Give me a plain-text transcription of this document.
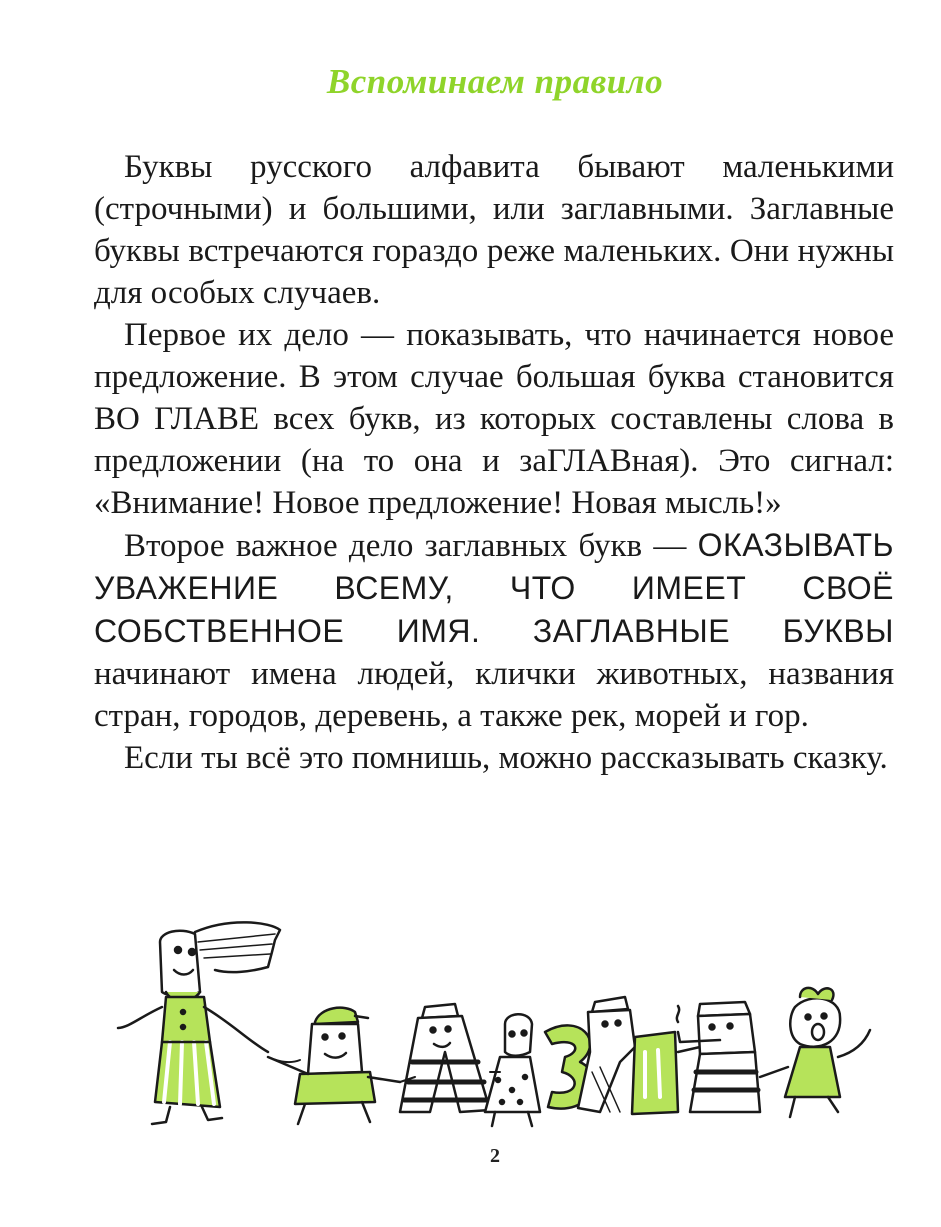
Вспоминаем правило

Буквы русского алфавита бывают маленькими (строчными) и большими, или заглавными. Заглавные буквы встречаются гораздо реже маленьких. Они нужны для особых случаев.

Первое их дело — показывать, что начинается новое предложение. В этом случае большая буква становится ВО ГЛАВЕ всех букв, из которых составлены слова в предложении (на то она и заГЛАВная). Это сигнал: «Внимание! Новое предложение! Новая мысль!»

Второе важное дело заглавных букв — ОКАЗЫВАТЬ УВАЖЕНИЕ ВСЕМУ, ЧТО ИМЕЕТ СВОЁ СОБСТВЕННОЕ ИМЯ. ЗАГЛАВНЫЕ БУКВЫ начинают имена людей, клички животных, названия стран, городов, деревень, а также рек, морей и гор.

Если ты всё это помнишь, можно рассказывать сказку.

2
